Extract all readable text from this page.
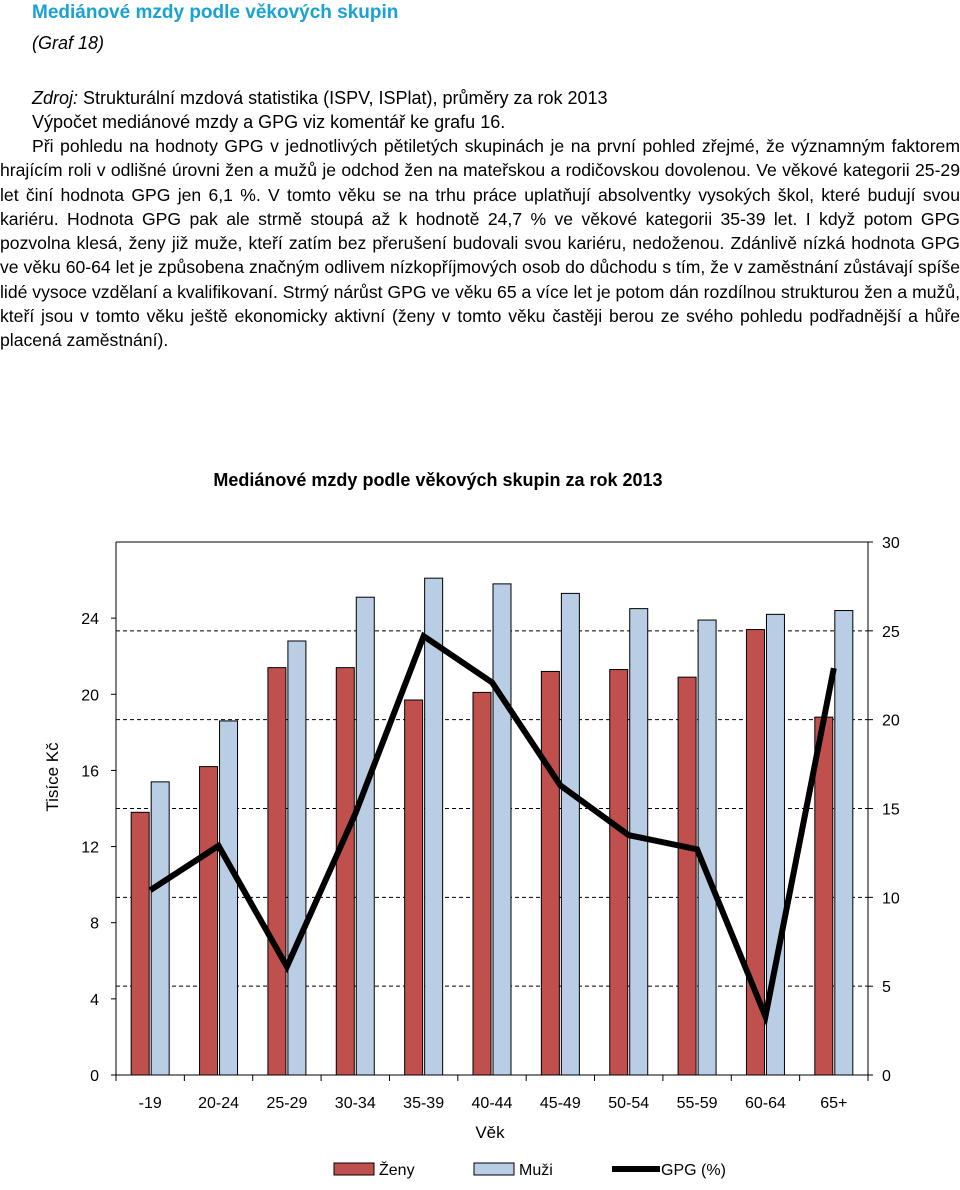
Mediánové mzdy podle věkových skupin
(Graf 18)
Zdroj: Strukturální mzdová statistika (ISPV, ISPlat), průměry za rok 2013
Výpočet mediánové mzdy a GPG viz komentář ke grafu 16.
Při pohledu na hodnoty GPG v jednotlivých pětiletých skupinách je na první pohled zřejmé, že významným faktorem hrajícím roli v odlišné úrovni žen a mužů je odchod žen na mateřskou a rodičovskou dovolenou. Ve věkové kategorii 25-29 let činí hodnota GPG jen 6,1 %. V tomto věku se na trhu práce uplatňují absolventky vysokých škol, které budují svou kariéru. Hodnota GPG pak ale strmě stoupá až k hodnotě 24,7 % ve věkové kategorii 35-39 let. I když potom GPG pozvolna klesá, ženy již muže, kteří zatím bez přerušení budovali svou kariéru, nedoženou. Zdánlivě nízká hodnota GPG ve věku 60-64 let je způsobena značným odlivem nízkopříjmových osob do důchodu s tím, že v zaměstnání zůstávají spíše lidé vysoce vzdělaní a kvalifikovaní. Strmý nárůst GPG ve věku 65 a více let je potom dán rozdílnou strukturou žen a mužů, kteří jsou v tomto věku ještě ekonomicky aktivní (ženy v tomto věku častěji berou ze svého pohledu podřadnější a hůře placená zaměstnání).
Mediánové mzdy podle věkových skupin za rok 2013
-19 20-24 25-29 30-34 35-39 40-44 45-49 50-54 55-59 60-64 65+
0
4
8
12
16
20
24
0
5
10
15
20
25
30
Tisíce Kč
Věk
Ženy	Muži	GPG (%)
